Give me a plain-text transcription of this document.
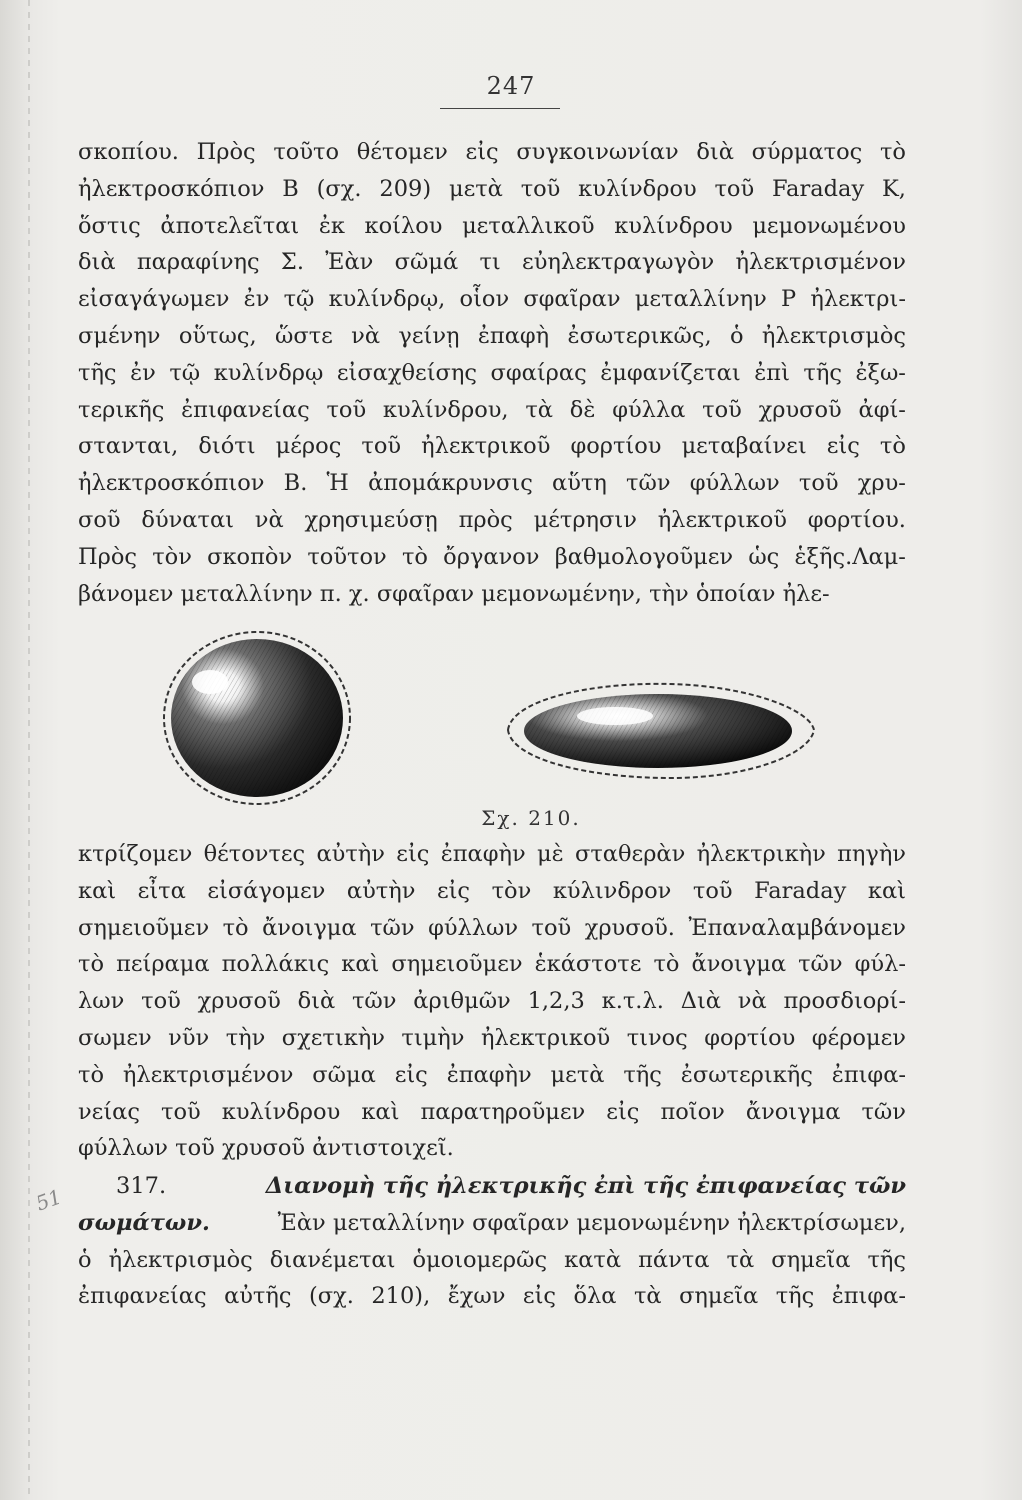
247
σκοπίου. Πρὸς τοῦτο θέτομεν εἰς συγκοινωνίαν διὰ σύρματος τὸ
ἠλεκτροσκόπιον Β (σχ. 209) μετὰ τοῦ κυλίνδρου τοῦ Faraday Κ,
ὅστις ἀποτελεῖται ἐκ κοίλου μεταλλικοῦ κυλίνδρου μεμονωμένου
διὰ παραφίνης Σ. Ἐὰν σῶμά τι εὐηλεκτραγωγὸν ἠλεκτρισμένον
εἰσαγάγωμεν ἐν τῷ κυλίνδρῳ, οἷον σφαῖραν μεταλλίνην Ρ ἠλεκτρι-
σμένην οὕτως, ὥστε νὰ γείνῃ ἐπαφὴ ἐσωτερικῶς, ὁ ἠλεκτρισμὸς
τῆς ἐν τῷ κυλίνδρῳ εἰσαχθείσης σφαίρας ἐμφανίζεται ἐπὶ τῆς ἐξω-
τερικῆς ἐπιφανείας τοῦ κυλίνδρου, τὰ δὲ φύλλα τοῦ χρυσοῦ ἀφί-
στανται, διότι μέρος τοῦ ἠλεκτρικοῦ φορτίου μεταβαίνει εἰς τὸ
ἠλεκτροσκόπιον Β. Ἡ ἀπομάκρυνσις αὕτη τῶν φύλλων τοῦ χρυ-
σοῦ δύναται νὰ χρησιμεύσῃ πρὸς μέτρησιν ἠλεκτρικοῦ φορτίου.
Πρὸς τὸν σκοπὸν τοῦτον τὸ ὄργανον βαθμολογοῦμεν ὡς ἑξῆς.Λαμ-
βάνομεν μεταλλίνην π. χ. σφαῖραν μεμονωμένην, τὴν ὁποίαν ἠλε-
Σχ. 210.
κτρίζομεν θέτοντες αὐτὴν εἰς ἐπαφὴν μὲ σταθερὰν ἠλεκτρικὴν πηγὴν
καὶ εἶτα εἰσάγομεν αὐτὴν εἰς τὸν κύλινδρον τοῦ Faraday καὶ
σημειοῦμεν τὸ ἄνοιγμα τῶν φύλλων τοῦ χρυσοῦ. Ἐπαναλαμβάνομεν
τὸ πείραμα πολλάκις καὶ σημειοῦμεν ἑκάστοτε τὸ ἄνοιγμα τῶν φύλ-
λων τοῦ χρυσοῦ διὰ τῶν ἀριθμῶν 1,2,3 κ.τ.λ. Διὰ νὰ προσδιορί-
σωμεν νῦν τὴν σχετικὴν τιμὴν ἠλεκτρικοῦ τινος φορτίου φέρομεν
τὸ ἠλεκτρισμένον σῶμα εἰς ἐπαφὴν μετὰ τῆς ἐσωτερικῆς ἐπιφα-
νείας τοῦ κυλίνδρου καὶ παρατηροῦμεν εἰς ποῖον ἄνοιγμα τῶν
φύλλων τοῦ χρυσοῦ ἀντιστοιχεῖ.
317.	Διανομὴ τῆς ἠλεκτρικῆς ἐπὶ τῆς ἐπιφανείας τῶν
σωμάτων.	Ἐὰν μεταλλίνην σφαῖραν μεμονωμένην ἠλεκτρίσωμεν,
ὁ ἠλεκτρισμὸς διανέμεται ὁμοιομερῶς κατὰ πάντα τὰ σημεῖα τῆς
ἐπιφανείας αὐτῆς (σχ. 210), ἔχων εἰς ὅλα τὰ σημεῖα τῆς ἐπιφα-
51
